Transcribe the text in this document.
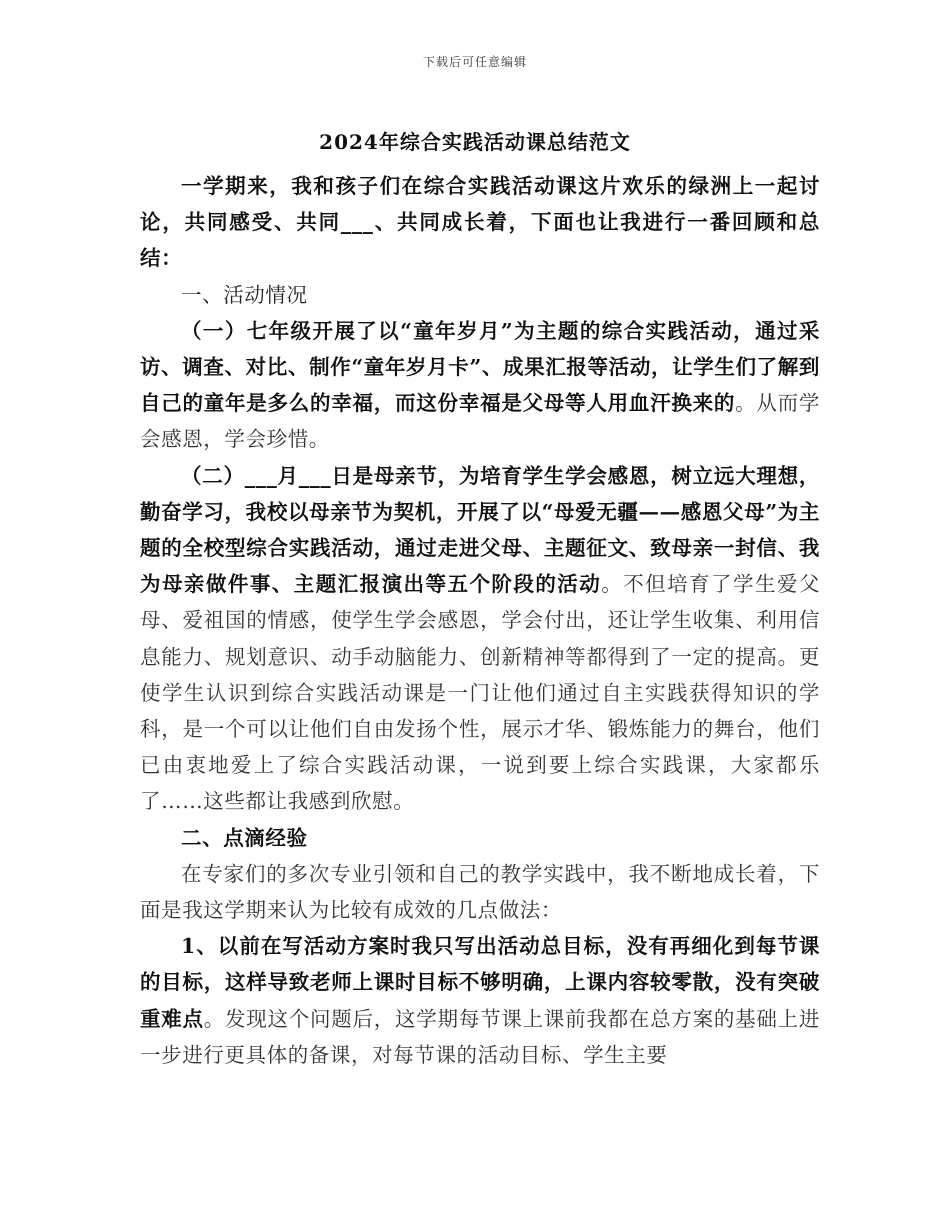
下载后可任意编辑
2024年综合实践活动课总结范文

一学期来，我和孩子们在综合实践活动课这片欢乐的绿洲上一起讨论，共同感受、共同___、共同成长着，下面也让我进行一番回顾和总结：

一、活动情况

（一）七年级开展了以“童年岁月”为主题的综合实践活动，通过采访、调查、对比、制作“童年岁月卡”、成果汇报等活动，让学生们了解到自己的童年是多么的幸福，而这份幸福是父母等人用血汗换来的。从而学会感恩，学会珍惜。

（二）___月___日是母亲节，为培育学生学会感恩，树立远大理想，勤奋学习，我校以母亲节为契机，开展了以“母爱无疆——感恩父母”为主题的全校型综合实践活动，通过走进父母、主题征文、致母亲一封信、我为母亲做件事、主题汇报演出等五个阶段的活动。不但培育了学生爱父母、爱祖国的情感，使学生学会感恩，学会付出，还让学生收集、利用信息能力、规划意识、动手动脑能力、创新精神等都得到了一定的提高。更使学生认识到综合实践活动课是一门让他们通过自主实践获得知识的学科，是一个可以让他们自由发扬个性，展示才华、锻炼能力的舞台，他们已由衷地爱上了综合实践活动课，一说到要上综合实践课，大家都乐了……这些都让我感到欣慰。

二、点滴经验

在专家们的多次专业引领和自己的教学实践中，我不断地成长着，下面是我这学期来认为比较有成效的几点做法：

1、以前在写活动方案时我只写出活动总目标，没有再细化到每节课的目标，这样导致老师上课时目标不够明确，上课内容较零散，没有突破重难点。发现这个问题后，这学期每节课上课前我都在总方案的基础上进一步进行更具体的备课，对每节课的活动目标、学生主要
